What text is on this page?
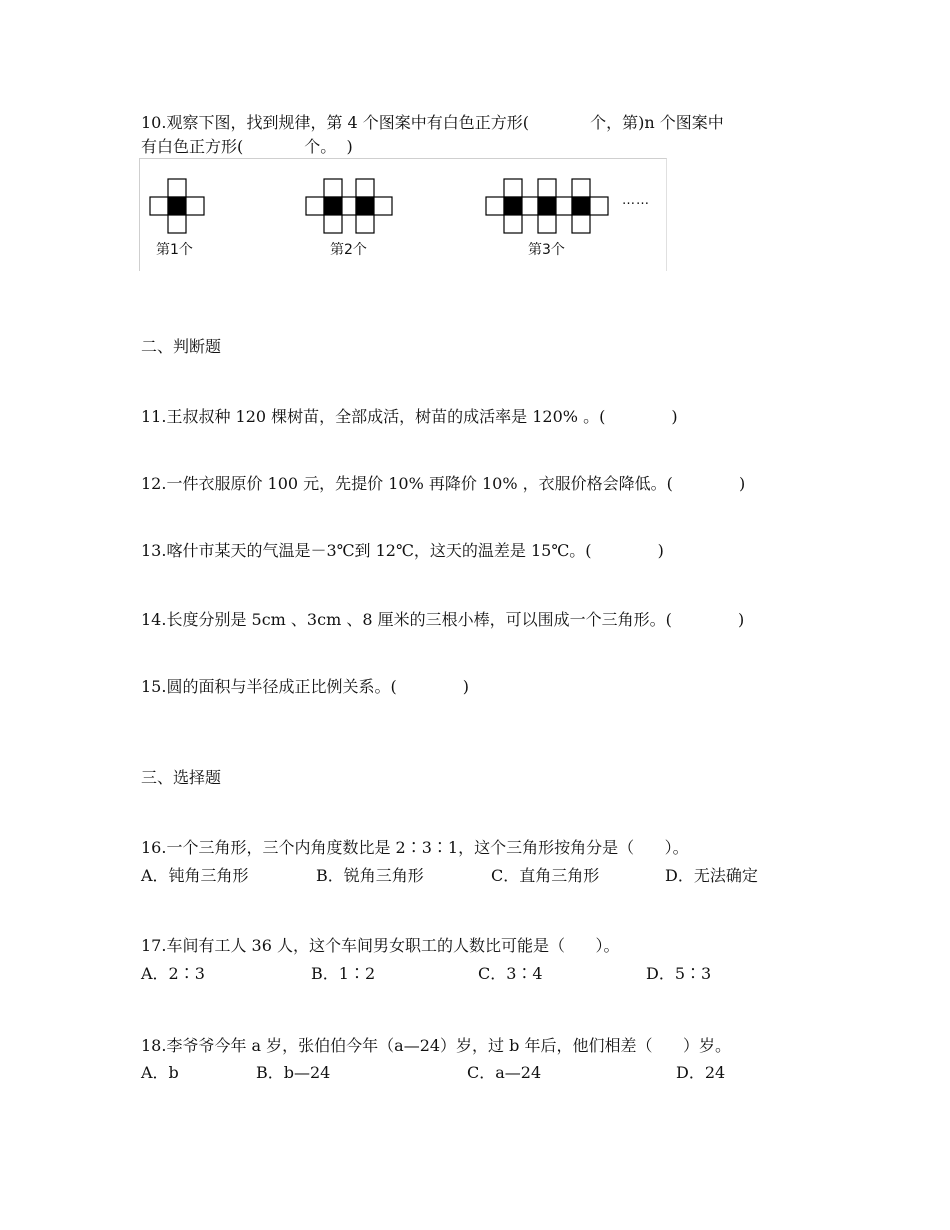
10.观察下图，找到规律，第 4 个图案中有白色正方形(            个，第)n 个图案中
有白色正方形(            个。  )
第1个	第2个	第3个
……
二、判断题
11.王叔叔种 120 棵树苗，全部成活，树苗的成活率是 120% 。(             )
12.一件衣服原价 100 元，先提价 10% 再降价 10% ，衣服价格会降低。(             )
13.喀什市某天的气温是－3℃到 12℃，这天的温差是 15℃。(             )
14.长度分别是 5cm 、3cm 、8 厘米的三根小棒，可以围成一个三角形。(             )
15.圆的面积与半径成正比例关系。(             )
三、选择题
16.一个三角形，三个内角度数比是 2∶3∶1，这个三角形按角分是（      ）。
A．钝角三角形	B．锐角三角形	C．直角三角形	D．无法确定
17.车间有工人 36 人，这个车间男女职工的人数比可能是（      ）。
A．2∶3	B．1∶2	C．3∶4	D．5∶3
18.李爷爷今年 a 岁，张伯伯今年（a—24）岁，过 b 年后，他们相差（      ）岁。
A．b	B．b—24	C．a—24	D．24
